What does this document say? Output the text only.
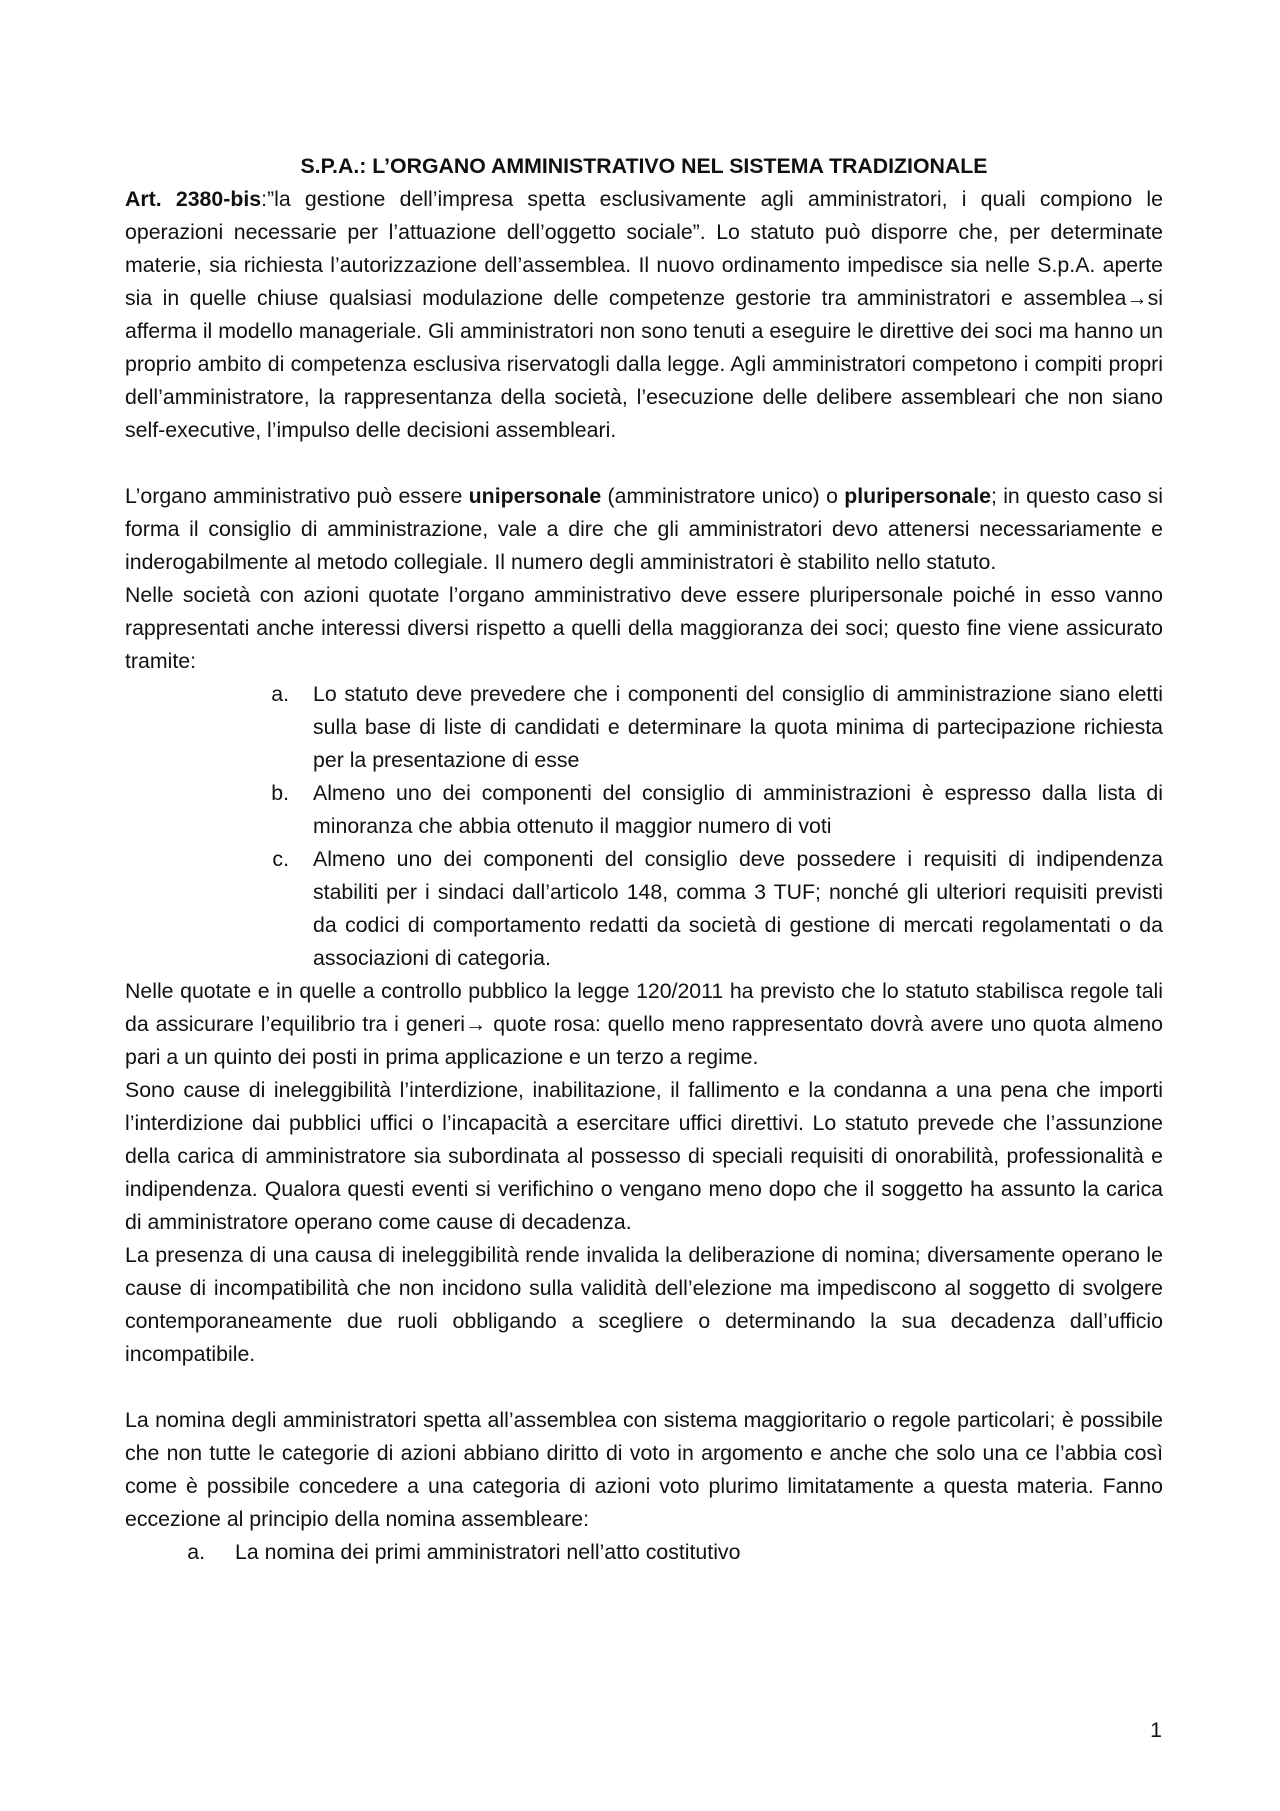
S.P.A.: L’ORGANO AMMINISTRATIVO NEL SISTEMA TRADIZIONALE

Art. 2380-bis:”la gestione dell’impresa spetta esclusivamente agli amministratori, i quali compiono le operazioni necessarie per l’attuazione dell’oggetto sociale”. Lo statuto può disporre che, per determinate materie, sia richiesta l’autorizzazione dell’assemblea. Il nuovo ordinamento impedisce sia nelle S.p.A. aperte sia in quelle chiuse qualsiasi modulazione delle competenze gestorie tra amministratori e assemblea→si afferma il modello manageriale. Gli amministratori non sono tenuti a eseguire le direttive dei soci ma hanno un proprio ambito di competenza esclusiva riservatogli dalla legge. Agli amministratori competono i compiti propri dell’amministratore, la rappresentanza della società, l’esecuzione delle delibere assembleari che non siano self-executive, l’impulso delle decisioni assembleari.

L’organo amministrativo può essere unipersonale (amministratore unico) o pluripersonale; in questo caso si forma il consiglio di amministrazione, vale a dire che gli amministratori devo attenersi necessariamente e inderogabilmente al metodo collegiale. Il numero degli amministratori è stabilito nello statuto.

Nelle società con azioni quotate l’organo amministrativo deve essere pluripersonale poiché in esso vanno rappresentati anche interessi diversi rispetto a quelli della maggioranza dei soci; questo fine viene assicurato tramite:

a. Lo statuto deve prevedere che i componenti del consiglio di amministrazione siano eletti sulla base di liste di candidati e determinare la quota minima di partecipazione richiesta per la presentazione di esse
b. Almeno uno dei componenti del consiglio di amministrazioni è espresso dalla lista di minoranza che abbia ottenuto il maggior numero di voti
c. Almeno uno dei componenti del consiglio deve possedere i requisiti di indipendenza stabiliti per i sindaci dall’articolo 148, comma 3 TUF; nonché gli ulteriori requisiti previsti da codici di comportamento redatti da società di gestione di mercati regolamentati o da associazioni di categoria.

Nelle quotate e in quelle a controllo pubblico la legge 120/2011 ha previsto che lo statuto stabilisca regole tali da assicurare l’equilibrio tra i generi→ quote rosa: quello meno rappresentato dovrà avere uno quota almeno pari a un quinto dei posti in prima applicazione e un terzo a regime.

Sono cause di ineleggibilità l’interdizione, inabilitazione, il fallimento e la condanna a una pena che importi l’interdizione dai pubblici uffici o l’incapacità a esercitare uffici direttivi. Lo statuto prevede che l’assunzione della carica di amministratore sia subordinata al possesso di speciali requisiti di onorabilità, professionalità e indipendenza. Qualora questi eventi si verifichino o vengano meno dopo che il soggetto ha assunto la carica di amministratore operano come cause di decadenza.

La presenza di una causa di ineleggibilità rende invalida la deliberazione di nomina; diversamente operano le cause di incompatibilità che non incidono sulla validità dell’elezione ma impediscono al soggetto di svolgere contemporaneamente due ruoli obbligando a scegliere o determinando la sua decadenza dall’ufficio incompatibile.

La nomina degli amministratori spetta all’assemblea con sistema maggioritario o regole particolari; è possibile che non tutte le categorie di azioni abbiano diritto di voto in argomento e anche che solo una ce l’abbia così come è possibile concedere a una categoria di azioni voto plurimo limitatamente a questa materia. Fanno eccezione al principio della nomina assembleare:

a. La nomina dei primi amministratori nell’atto costitutivo
1
